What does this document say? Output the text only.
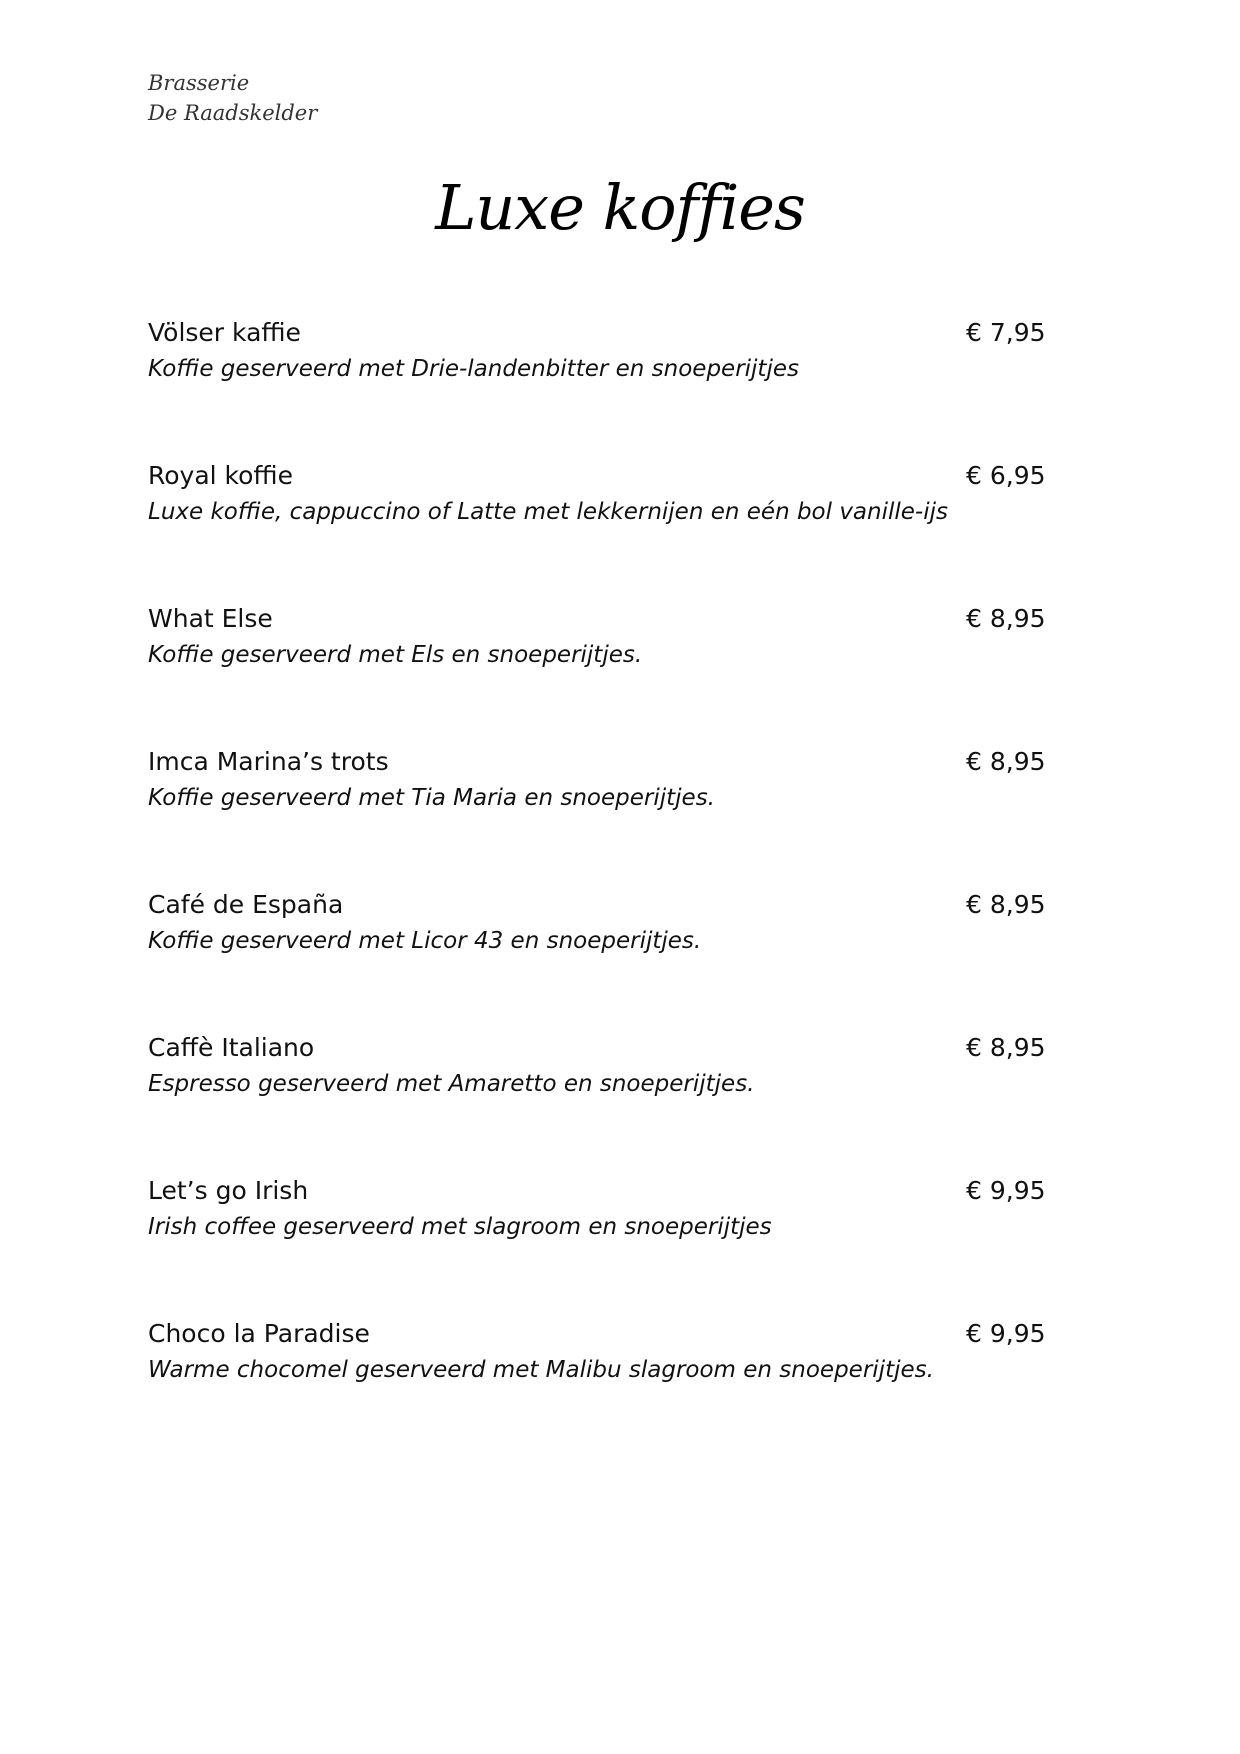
Brasserie
De Raadskelder
Luxe koffies
Völser kaffie	€ 7,95
Koffie geserveerd met Drie-landenbitter en snoeperijtjes
Royal koffie	€ 6,95
Luxe koffie, cappuccino of Latte met lekkernijen en eén bol vanille-ijs
What Else	€ 8,95
Koffie geserveerd met Els en snoeperijtjes.
Imca Marina’s trots	€ 8,95
Koffie geserveerd met Tia Maria en snoeperijtjes.
Café de España	€ 8,95
Koffie geserveerd met Licor 43 en snoeperijtjes.
Caffè Italiano	€ 8,95
Espresso geserveerd met Amaretto en snoeperijtjes.
Let’s go Irish	€ 9,95
Irish coffee geserveerd met slagroom en snoeperijtjes
Choco la Paradise	€ 9,95
Warme chocomel geserveerd met Malibu slagroom en snoeperijtjes.
